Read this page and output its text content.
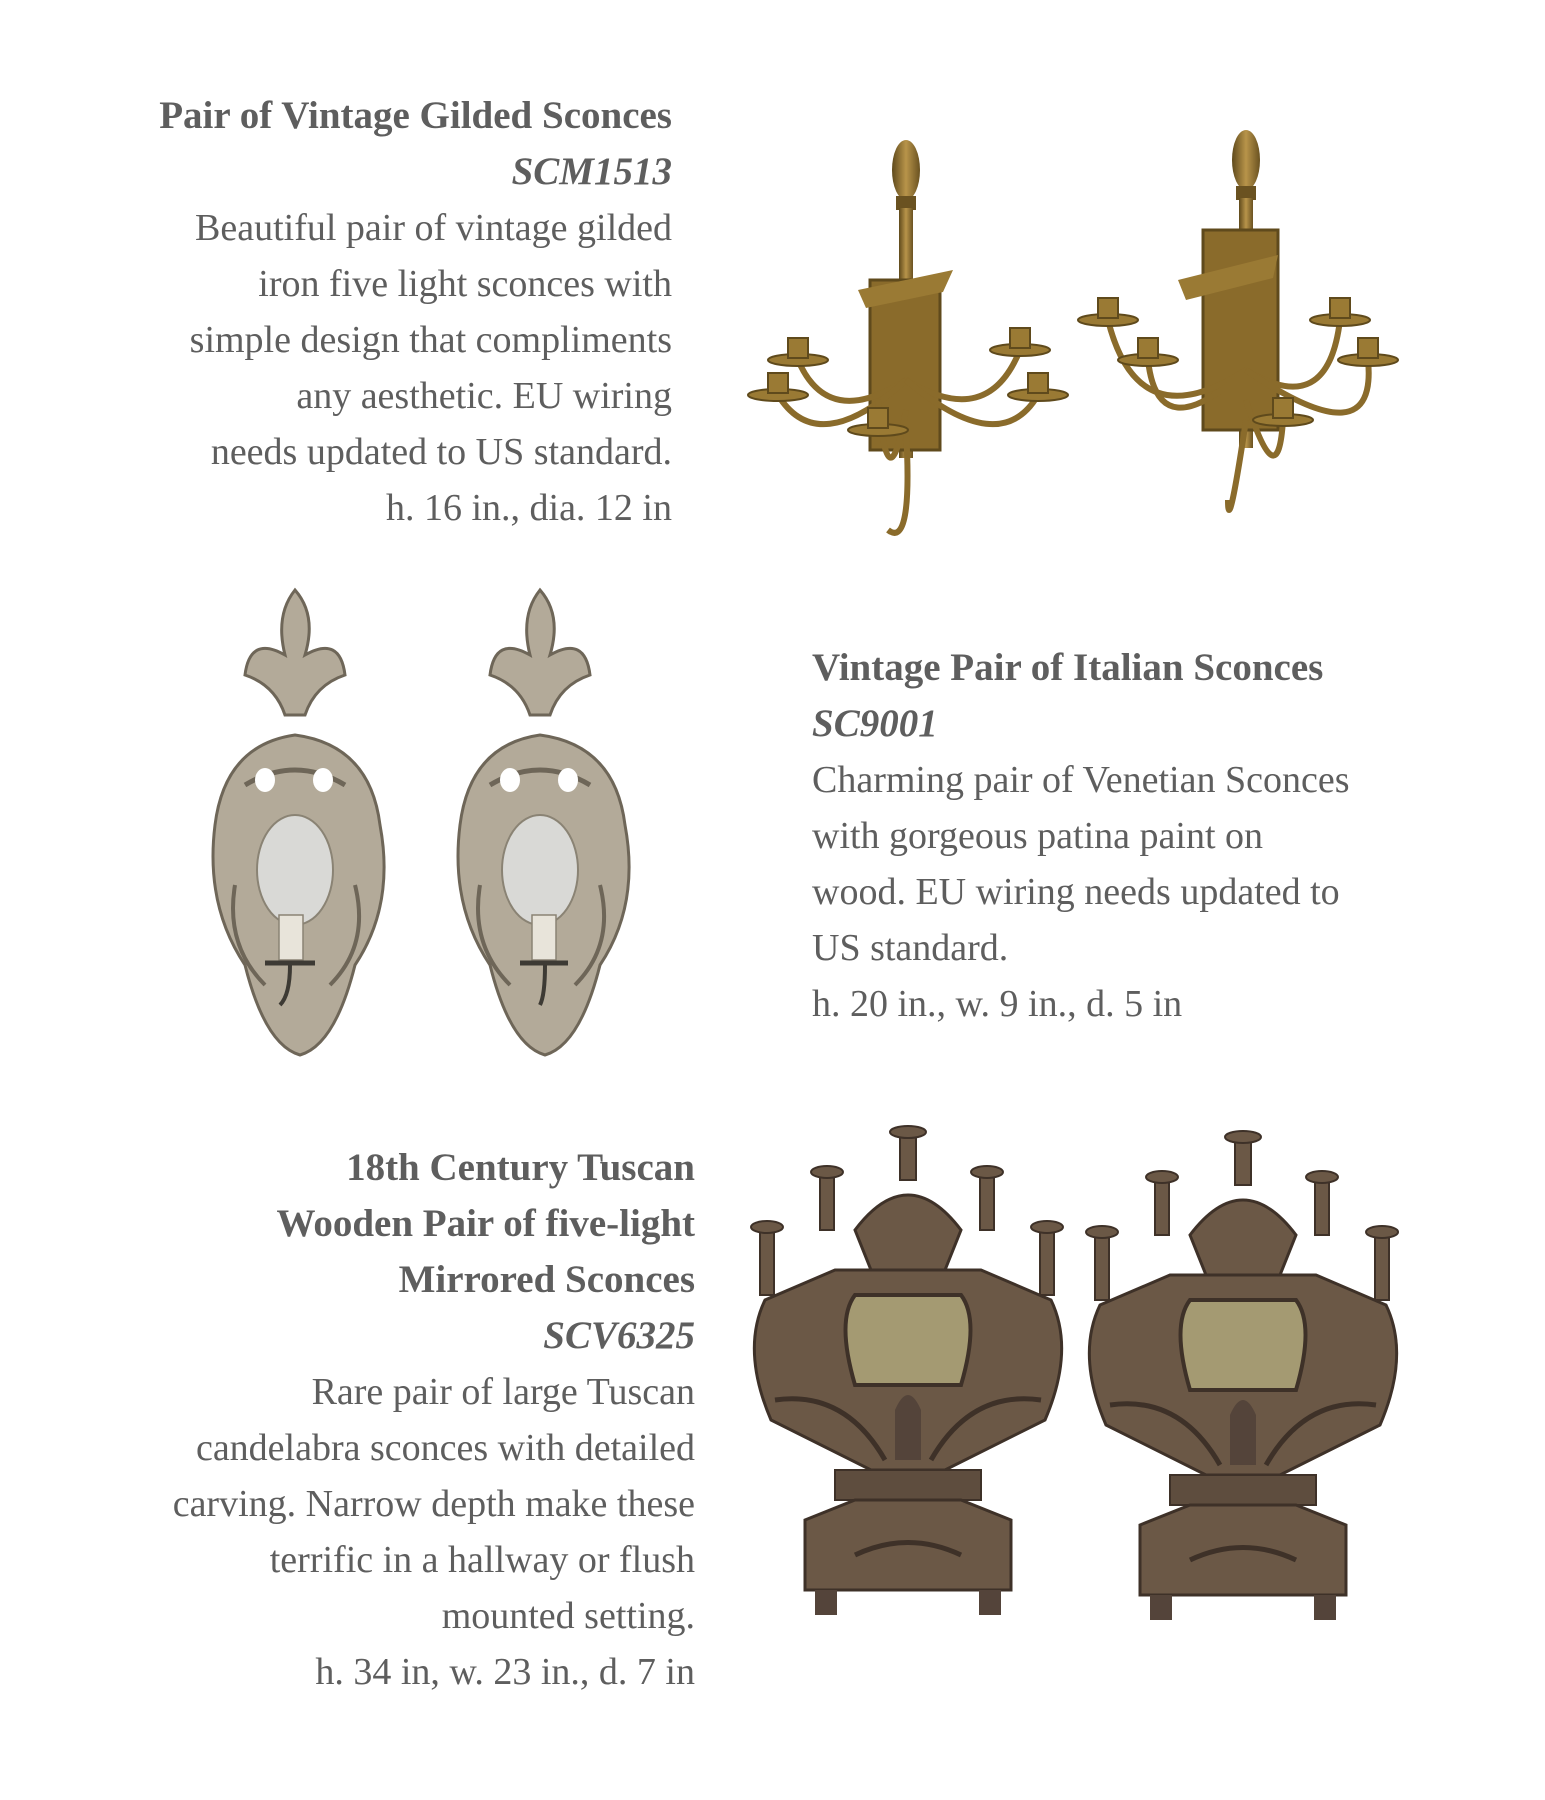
Pair of Vintage Gilded Sconces
SCM1513
Beautiful pair of vintage gilded
iron five light sconces with
simple design that compliments
any aesthetic. EU wiring
needs updated to US standard.
h. 16 in., dia. 12 in
Vintage Pair of Italian Sconces
SC9001
Charming pair of Venetian Sconces
with gorgeous patina paint on
wood. EU wiring needs updated to
US standard.
h. 20 in., w. 9 in., d. 5 in
18th Century Tuscan
Wooden Pair of five-light
Mirrored Sconces
SCV6325
Rare pair of large Tuscan
candelabra sconces with detailed
carving. Narrow depth make these
terrific in a hallway or flush
mounted setting.
h. 34 in, w. 23 in., d. 7 in
